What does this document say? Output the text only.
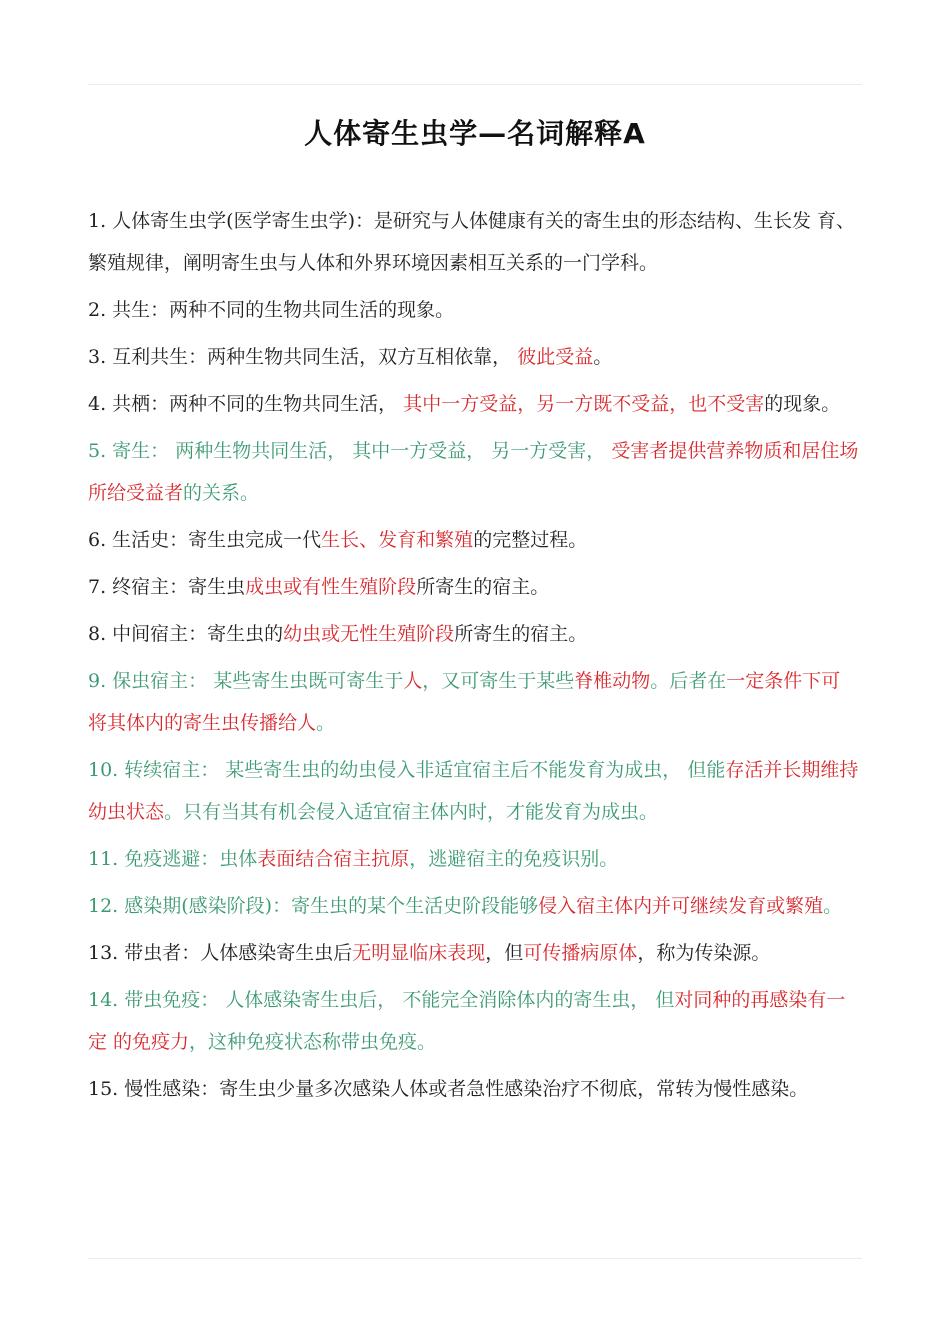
人体寄生虫学—名词解释A

1. 人体寄生虫学(医学寄生虫学)：是研究与人体健康有关的寄生虫的形态结构、生长发 育、繁殖规律，阐明寄生虫与人体和外界环境因素相互关系的一门学科。

2. 共生：两种不同的生物共同生活的现象。

3. 互利共生：两种生物共同生活，双方互相依靠， 彼此受益。

4. 共栖：两种不同的生物共同生活， 其中一方受益，另一方既不受益，也不受害的现象。

5. 寄生： 两种生物共同生活， 其中一方受益， 另一方受害， 受害者提供营养物质和居住场 所给受益者的关系。

6. 生活史：寄生虫完成一代生长、发育和繁殖的完整过程。

7. 终宿主：寄生虫成虫或有性生殖阶段所寄生的宿主。

8. 中间宿主：寄生虫的幼虫或无性生殖阶段所寄生的宿主。

9. 保虫宿主： 某些寄生虫既可寄生于人，又可寄生于某些脊椎动物。后者在一定条件下可 将其体内的寄生虫传播给人。

10. 转续宿主： 某些寄生虫的幼虫侵入非适宜宿主后不能发育为成虫， 但能存活并长期维持 幼虫状态。只有当其有机会侵入适宜宿主体内时，才能发育为成虫。

11. 免疫逃避：虫体表面结合宿主抗原，逃避宿主的免疫识别。

12. 感染期(感染阶段)：寄生虫的某个生活史阶段能够侵入宿主体内并可继续发育或繁殖。

13. 带虫者：人体感染寄生虫后无明显临床表现，但可传播病原体，称为传染源。

14. 带虫免疫： 人体感染寄生虫后， 不能完全消除体内的寄生虫， 但对同种的再感染有一定 的免疫力，这种免疫状态称带虫免疫。

15. 慢性感染：寄生虫少量多次感染人体或者急性感染治疗不彻底，常转为慢性感染。
